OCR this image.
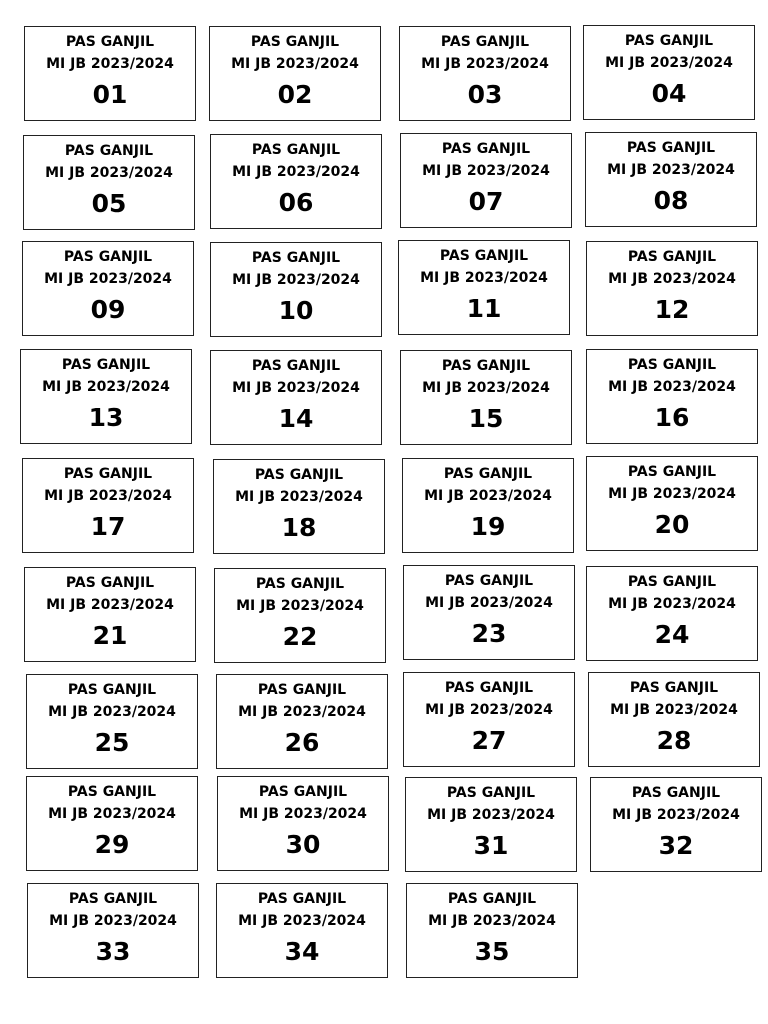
PAS GANJIL
MI JB 2023/2024
01
PAS GANJIL
MI JB 2023/2024
02
PAS GANJIL
MI JB 2023/2024
03
PAS GANJIL
MI JB 2023/2024
04
PAS GANJIL
MI JB 2023/2024
05
PAS GANJIL
MI JB 2023/2024
06
PAS GANJIL
MI JB 2023/2024
07
PAS GANJIL
MI JB 2023/2024
08
PAS GANJIL
MI JB 2023/2024
09
PAS GANJIL
MI JB 2023/2024
10
PAS GANJIL
MI JB 2023/2024
11
PAS GANJIL
MI JB 2023/2024
12
PAS GANJIL
MI JB 2023/2024
13
PAS GANJIL
MI JB 2023/2024
14
PAS GANJIL
MI JB 2023/2024
15
PAS GANJIL
MI JB 2023/2024
16
PAS GANJIL
MI JB 2023/2024
17
PAS GANJIL
MI JB 2023/2024
18
PAS GANJIL
MI JB 2023/2024
19
PAS GANJIL
MI JB 2023/2024
20
PAS GANJIL
MI JB 2023/2024
21
PAS GANJIL
MI JB 2023/2024
22
PAS GANJIL
MI JB 2023/2024
23
PAS GANJIL
MI JB 2023/2024
24
PAS GANJIL
MI JB 2023/2024
25
PAS GANJIL
MI JB 2023/2024
26
PAS GANJIL
MI JB 2023/2024
27
PAS GANJIL
MI JB 2023/2024
28
PAS GANJIL
MI JB 2023/2024
29
PAS GANJIL
MI JB 2023/2024
30
PAS GANJIL
MI JB 2023/2024
31
PAS GANJIL
MI JB 2023/2024
32
PAS GANJIL
MI JB 2023/2024
33
PAS GANJIL
MI JB 2023/2024
34
PAS GANJIL
MI JB 2023/2024
35
